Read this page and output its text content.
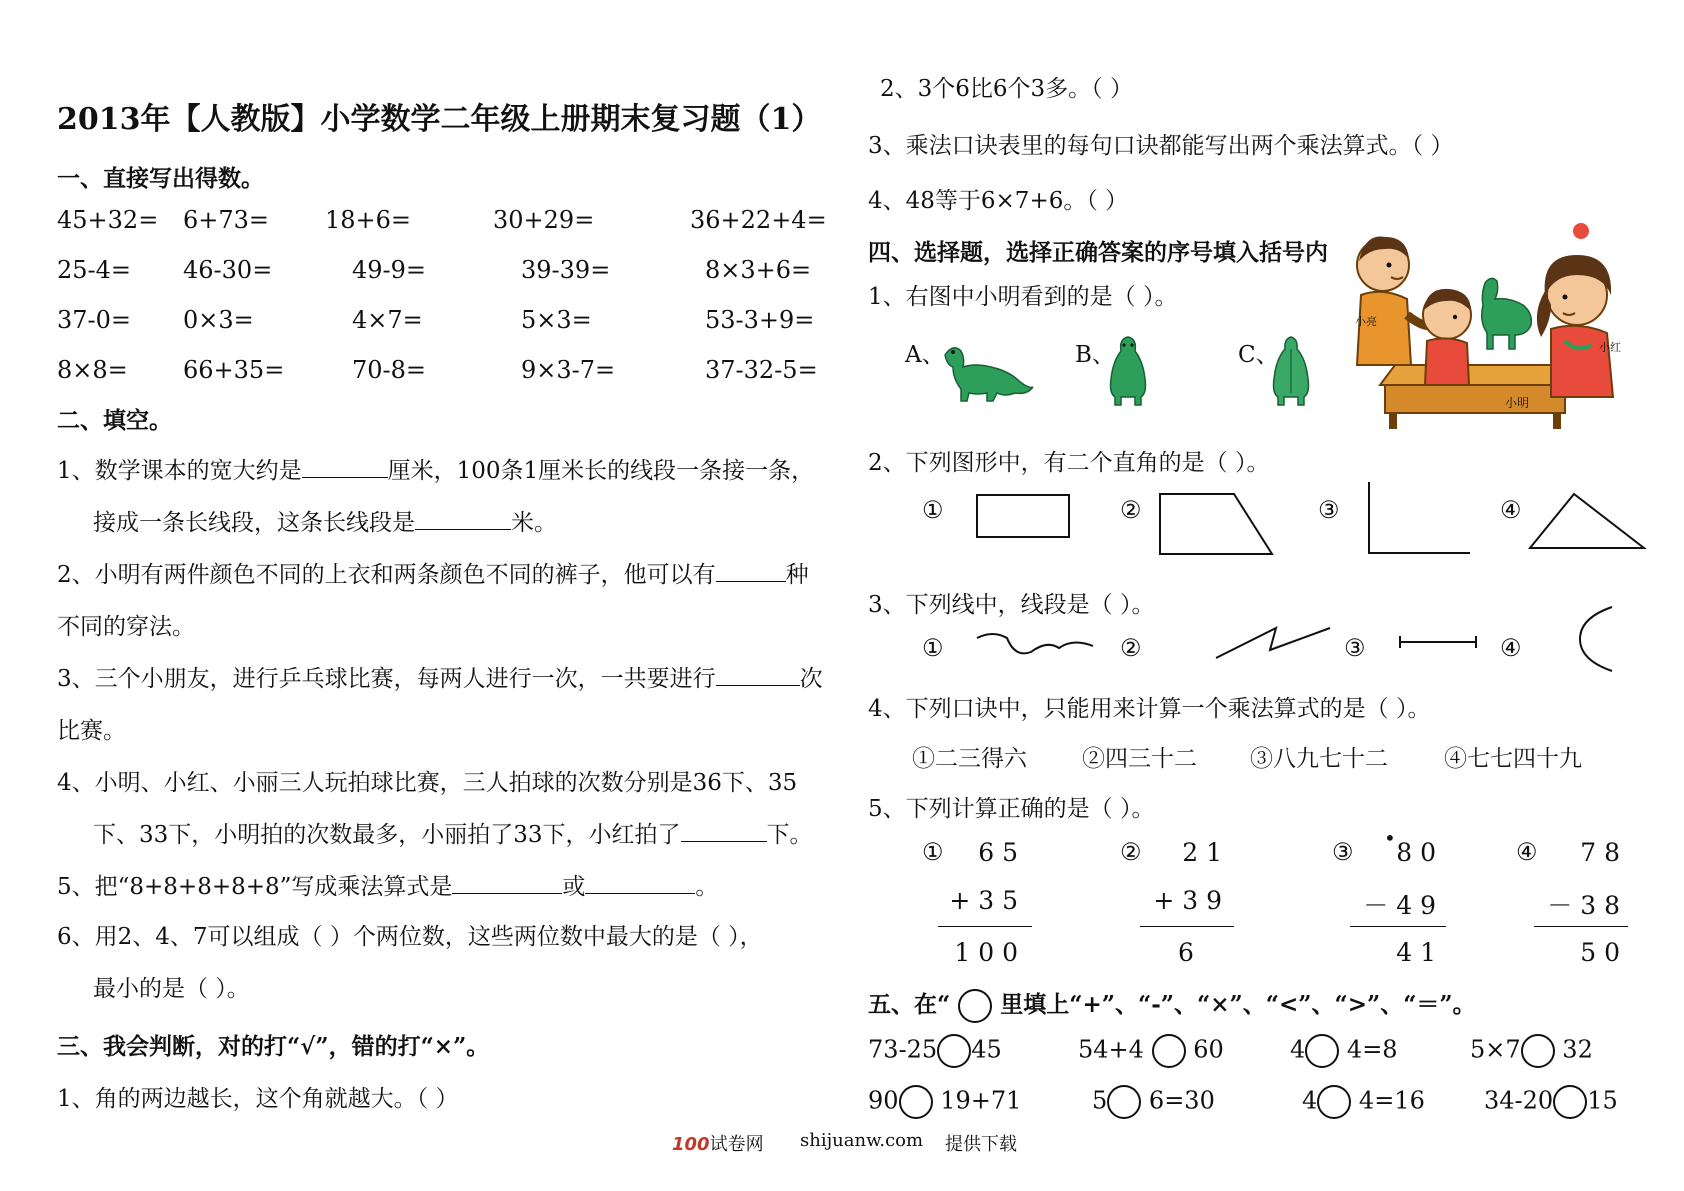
2013年【人教版】小学数学二年级上册期末复习题（1）
一、直接写出得数。
45+32= 6+73= 18+6=	30+29=	36+22+4=
25-4= 46-30=	49-9=	39-39=	8×3+6=
37-0= 0×3=	4×7=	5×3=	53-3+9=
8×8= 66+35=	70-8=	9×3-7=	37-32-5=
二、填空。
1、数学课本的宽大约是	厘米，100条1厘米长的线段一条接一条，
接成一条长线段，这条长线段是	米。
2、小明有两件颜色不同的上衣和两条颜色不同的裤子，他可以有	种
不同的穿法。
3、三个小朋友，进行乒乓球比赛，每两人进行一次，一共要进行	次
比赛。
4、小明、小红、小丽三人玩拍球比赛，三人拍球的次数分别是36下、35
下、33下，小明拍的次数最多，小丽拍了33下，小红拍了	下。
5、把“8+8+8+8+8”写成乘法算式是	或	。
6、用2、4、7可以组成（ ）个两位数，这些两位数中最大的是（ ），
最小的是（ ）。
三、我会判断，对的打“√”，错的打“×”。
1、角的两边越长，这个角就越大。（ ）
2、3个6比6个3多。（ ）
3、乘法口诀表里的每句口诀都能写出两个乘法算式。（ ）
4、48等于6×7+6。（ ）
四、选择题，选择正确答案的序号填入括号内
1、右图中小明看到的是（ ）。
A、	B、	C、
小亮
小红
小明
2、下列图形中，有二个直角的是（ ）。
①	②	③	④
3、下列线中，线段是（ ）。
①	②	③	④
4、下列口诀中，只能用来计算一个乘法算式的是（ ）。
①二三得六 ②四三十二 ③八九七十二 ④七七四十九
5、下列计算正确的是（ ）。
①	6 5
+ 3 5
1 0 0
②	2 1
+ 3 9
6
③ • 8 0
－ 4 9
4 1
④	7 8
－ 3 8
5 0
五、在“ 里填上“+”、“-”、“×”、“<”、“>”、“＝”。
73-25 45	54+4 60	4 4=8	5×7 32
90 19+71	5 6=30	4 4=16 34-20 15
100试卷网 shijuanw.com 提供下载
